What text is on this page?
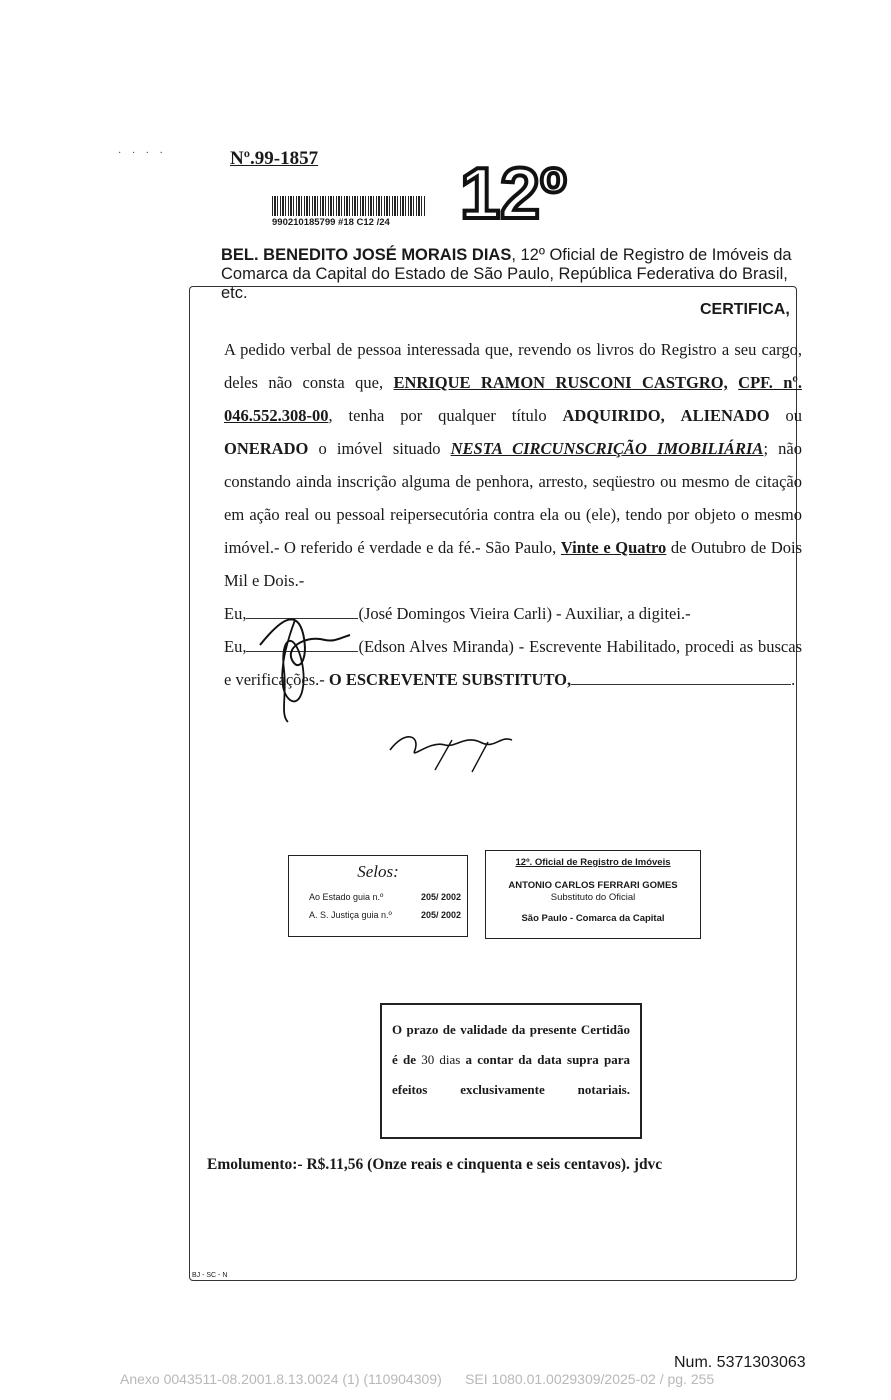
· · · ·	Nº.99-1857
990210185799 #18 C12 /24 12º
BEL. BENEDITO JOSÉ MORAIS DIAS, 12º Oficial de Registro de Imóveis da Comarca da Capital do Estado de São Paulo, República Federativa do Brasil, etc.
CERTIFICA,
A pedido verbal de pessoa interessada que, revendo os livros do Registro a seu cargo, deles não consta que, ENRIQUE RAMON RUSCONI CASTGRO, CPF. nº. 046.552.308-00, tenha por qualquer título ADQUIRIDO, ALIENADO ou ONERADO o imóvel situado NESTA CIRCUNSCRIÇÃO IMOBILIÁRIA; não constando ainda inscrição alguma de penhora, arresto, seqüestro ou mesmo de citação em ação real ou pessoal reipersecutória contra ela ou (ele), tendo por objeto o mesmo imóvel.- O referido é verdade e da fé.- São Paulo, Vinte e Quatro de Outubro de Dois Mil e Dois.-
Eu,	(José Domingos Vieira Carli) - Auxiliar, a digitei.-
Eu,	(Edson Alves Miranda) - Escrevente Habilitado, procedi as buscas e verificações.- O ESCREVENTE SUBSTITUTO,	.
Selos:
Ao Estado guia n.º	205/ 2002
A. S. Justiça guia n.º	205/ 2002
12º. Oficial de Registro de Imóveis
ANTONIO CARLOS FERRARI GOMES
Substituto do Oficial
São Paulo - Comarca da Capital
O prazo de validade da presente Certidão é de 30 dias a contar da data supra para efeitos exclusivamente notariais.
Emolumento:- R$.11,56 (Onze reais e cinquenta e seis centavos). jdvc
BJ - SC - N
Num. 5371303063
Anexo 0043511-08.2001.8.13.0024 (1) (110904309)      SEI 1080.01.0029309/2025-02 / pg. 255
